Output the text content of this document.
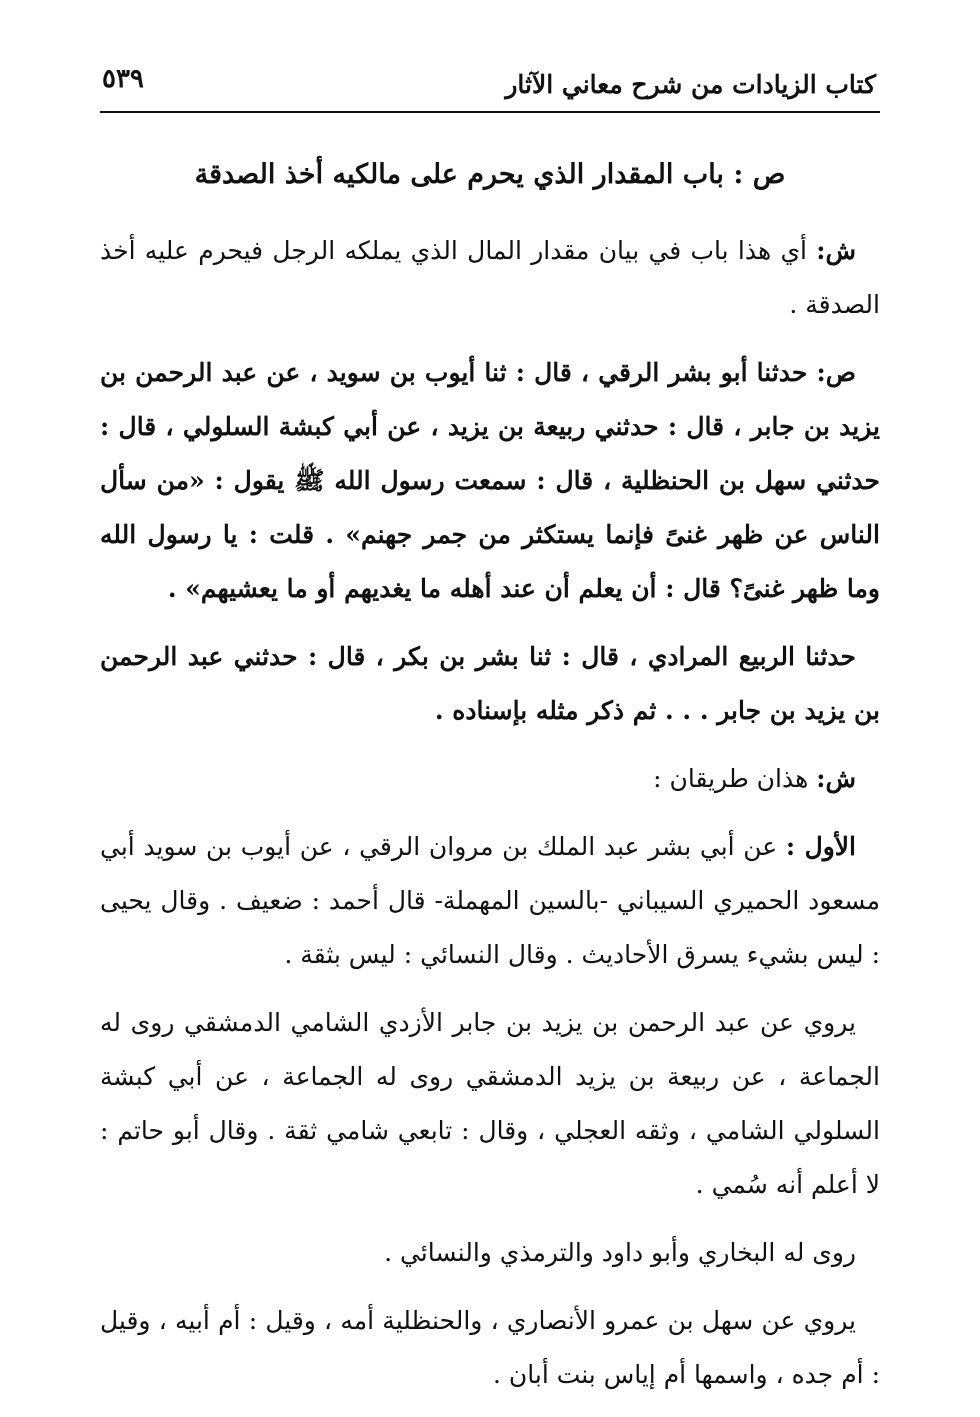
كتاب الزيادات من شرح معاني الآثار
٥٣٩
ص : باب المقدار الذي يحرم على مالكيه أخذ الصدقة

ش: أي هذا باب في بيان مقدار المال الذي يملكه الرجل فيحرم عليه أخذ الصدقة .

ص: حدثنا أبو بشر الرقي ، قال : ثنا أيوب بن سويد ، عن عبد الرحمن بن يزيد بن جابر ، قال : حدثني ربيعة بن يزيد ، عن أبي كبشة السلولي ، قال : حدثني سهل بن الحنظلية ، قال : سمعت رسول الله ﷺ يقول : «من سأل الناس عن ظهر غنىً فإنما يستكثر من جمر جهنم» . قلت : يا رسول الله وما ظهر غنىً؟ قال : أن يعلم أن عند أهله ما يغديهم أو ما يعشيهم» .

حدثنا الربيع المرادي ، قال : ثنا بشر بن بكر ، قال : حدثني عبد الرحمن بن يزيد بن جابر . . . ثم ذكر مثله بإسناده .

ش: هذان طريقان :

الأول : عن أبي بشر عبد الملك بن مروان الرقي ، عن أيوب بن سويد أبي مسعود الحميري السيباني -بالسين المهملة- قال أحمد : ضعيف . وقال يحيى : ليس بشيء يسرق الأحاديث . وقال النسائي : ليس بثقة .

يروي عن عبد الرحمن بن يزيد بن جابر الأزدي الشامي الدمشقي روى له الجماعة ، عن ربيعة بن يزيد الدمشقي روى له الجماعة ، عن أبي كبشة السلولي الشامي ، وثقه العجلي ، وقال : تابعي شامي ثقة . وقال أبو حاتم : لا أعلم أنه سُمي .

روى له البخاري وأبو داود والترمذي والنسائي .

يروي عن سهل بن عمرو الأنصاري ، والحنظلية أمه ، وقيل : أم أبيه ، وقيل : أم جده ، واسمها أم إياس بنت أبان .
